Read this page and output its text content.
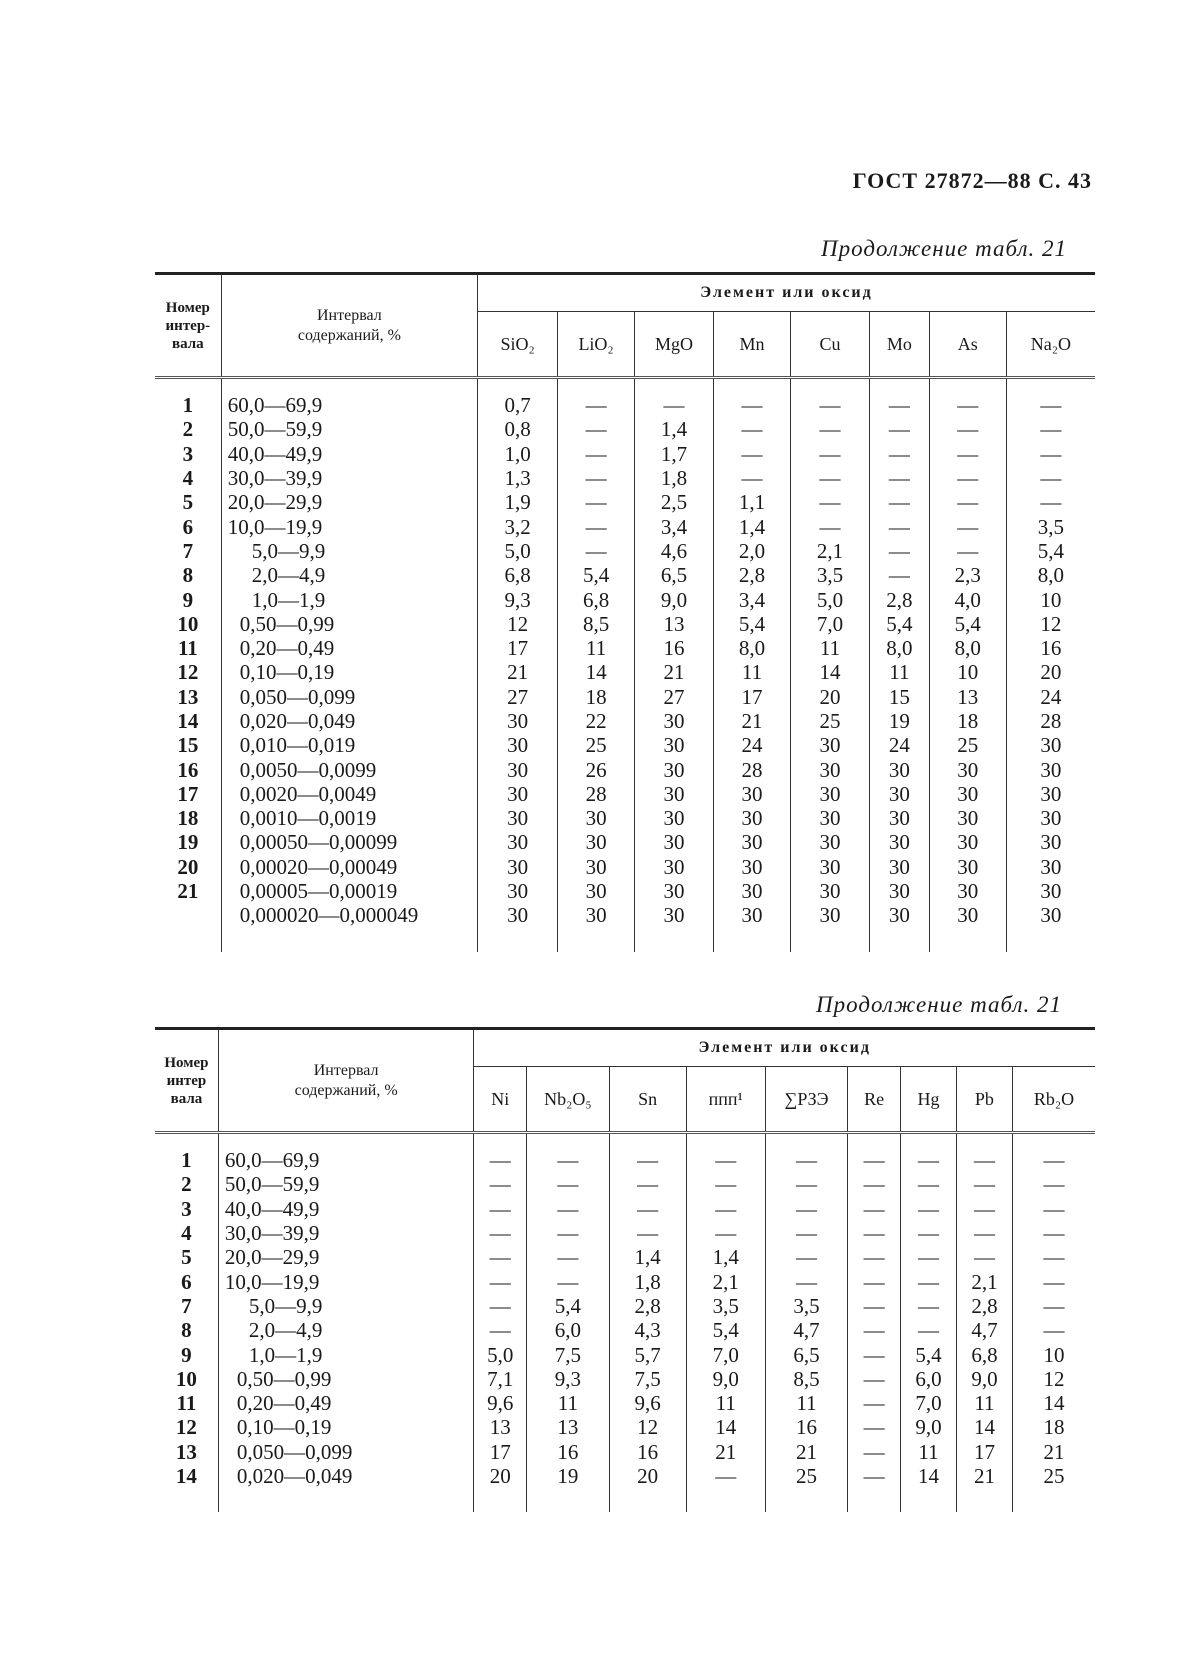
ГОСТ 27872—88 С. 43
Продолжение табл. 21
Номер
интер-
вала	Интервал
содержаний, %	Элемент или оксид							
		SiO₂	LiO₂	MgO	Mn	Cu	Mo	As	Na₂O

1	60,0—69,9	0,7	—	—	—	—	—	—	—
2	50,0—59,9	0,8	—	1,4	—	—	—	—	—
3	40,0—49,9	1,0	—	1,7	—	—	—	—	—
4	30,0—39,9	1,3	—	1,8	—	—	—	—	—
5	20,0—29,9	1,9	—	2,5	1,1	—	—	—	—
6	10,0—19,9	3,2	—	3,4	1,4	—	—	—	3,5
7	5,0—9,9	5,0	—	4,6	2,0	2,1	—	—	5,4
8	2,0—4,9	6,8	5,4	6,5	2,8	3,5	—	2,3	8,0
9	1,0—1,9	9,3	6,8	9,0	3,4	5,0	2,8	4,0	10
10	0,50—0,99	12	8,5	13	5,4	7,0	5,4	5,4	12
11	0,20—0,49	17	11	16	8,0	11	8,0	8,0	16
12	0,10—0,19	21	14	21	11	14	11	10	20
13	0,050—0,099	27	18	27	17	20	15	13	24
14	0,020—0,049	30	22	30	21	25	19	18	28
15	0,010—0,019	30	25	30	24	30	24	25	30
16	0,0050—0,0099	30	26	30	28	30	30	30	30
17	0,0020—0,0049	30	28	30	30	30	30	30	30
18	0,0010—0,0019	30	30	30	30	30	30	30	30
19	0,00050—0,00099	30	30	30	30	30	30	30	30
20	0,00020—0,00049	30	30	30	30	30	30	30	30
21	0,00005—0,00019	30	30	30	30	30	30	30	30
	0,000020—0,000049	30	30	30	30	30	30	30	30

Продолжение табл. 21
Номер
интер
вала	Интервал
содержаний, %	Элемент или оксид								
		Ni	Nb₂O₅	Sn	ппп¹	∑РЗЭ	Re	Hg	Pb	Rb₂O

1	60,0—69,9	—	—	—	—	—	—	—	—	—
2	50,0—59,9	—	—	—	—	—	—	—	—	—
3	40,0—49,9	—	—	—	—	—	—	—	—	—
4	30,0—39,9	—	—	—	—	—	—	—	—	—
5	20,0—29,9	—	—	1,4	1,4	—	—	—	—	—
6	10,0—19,9	—	—	1,8	2,1	—	—	—	2,1	—
7	5,0—9,9	—	5,4	2,8	3,5	3,5	—	—	2,8	—
8	2,0—4,9	—	6,0	4,3	5,4	4,7	—	—	4,7	—
9	1,0—1,9	5,0	7,5	5,7	7,0	6,5	—	5,4	6,8	10
10	0,50—0,99	7,1	9,3	7,5	9,0	8,5	—	6,0	9,0	12
11	0,20—0,49	9,6	11	9,6	11	11	—	7,0	11	14
12	0,10—0,19	13	13	12	14	16	—	9,0	14	18
13	0,050—0,099	17	16	16	21	21	—	11	17	21
14	0,020—0,049	20	19	20	—	25	—	14	21	25
